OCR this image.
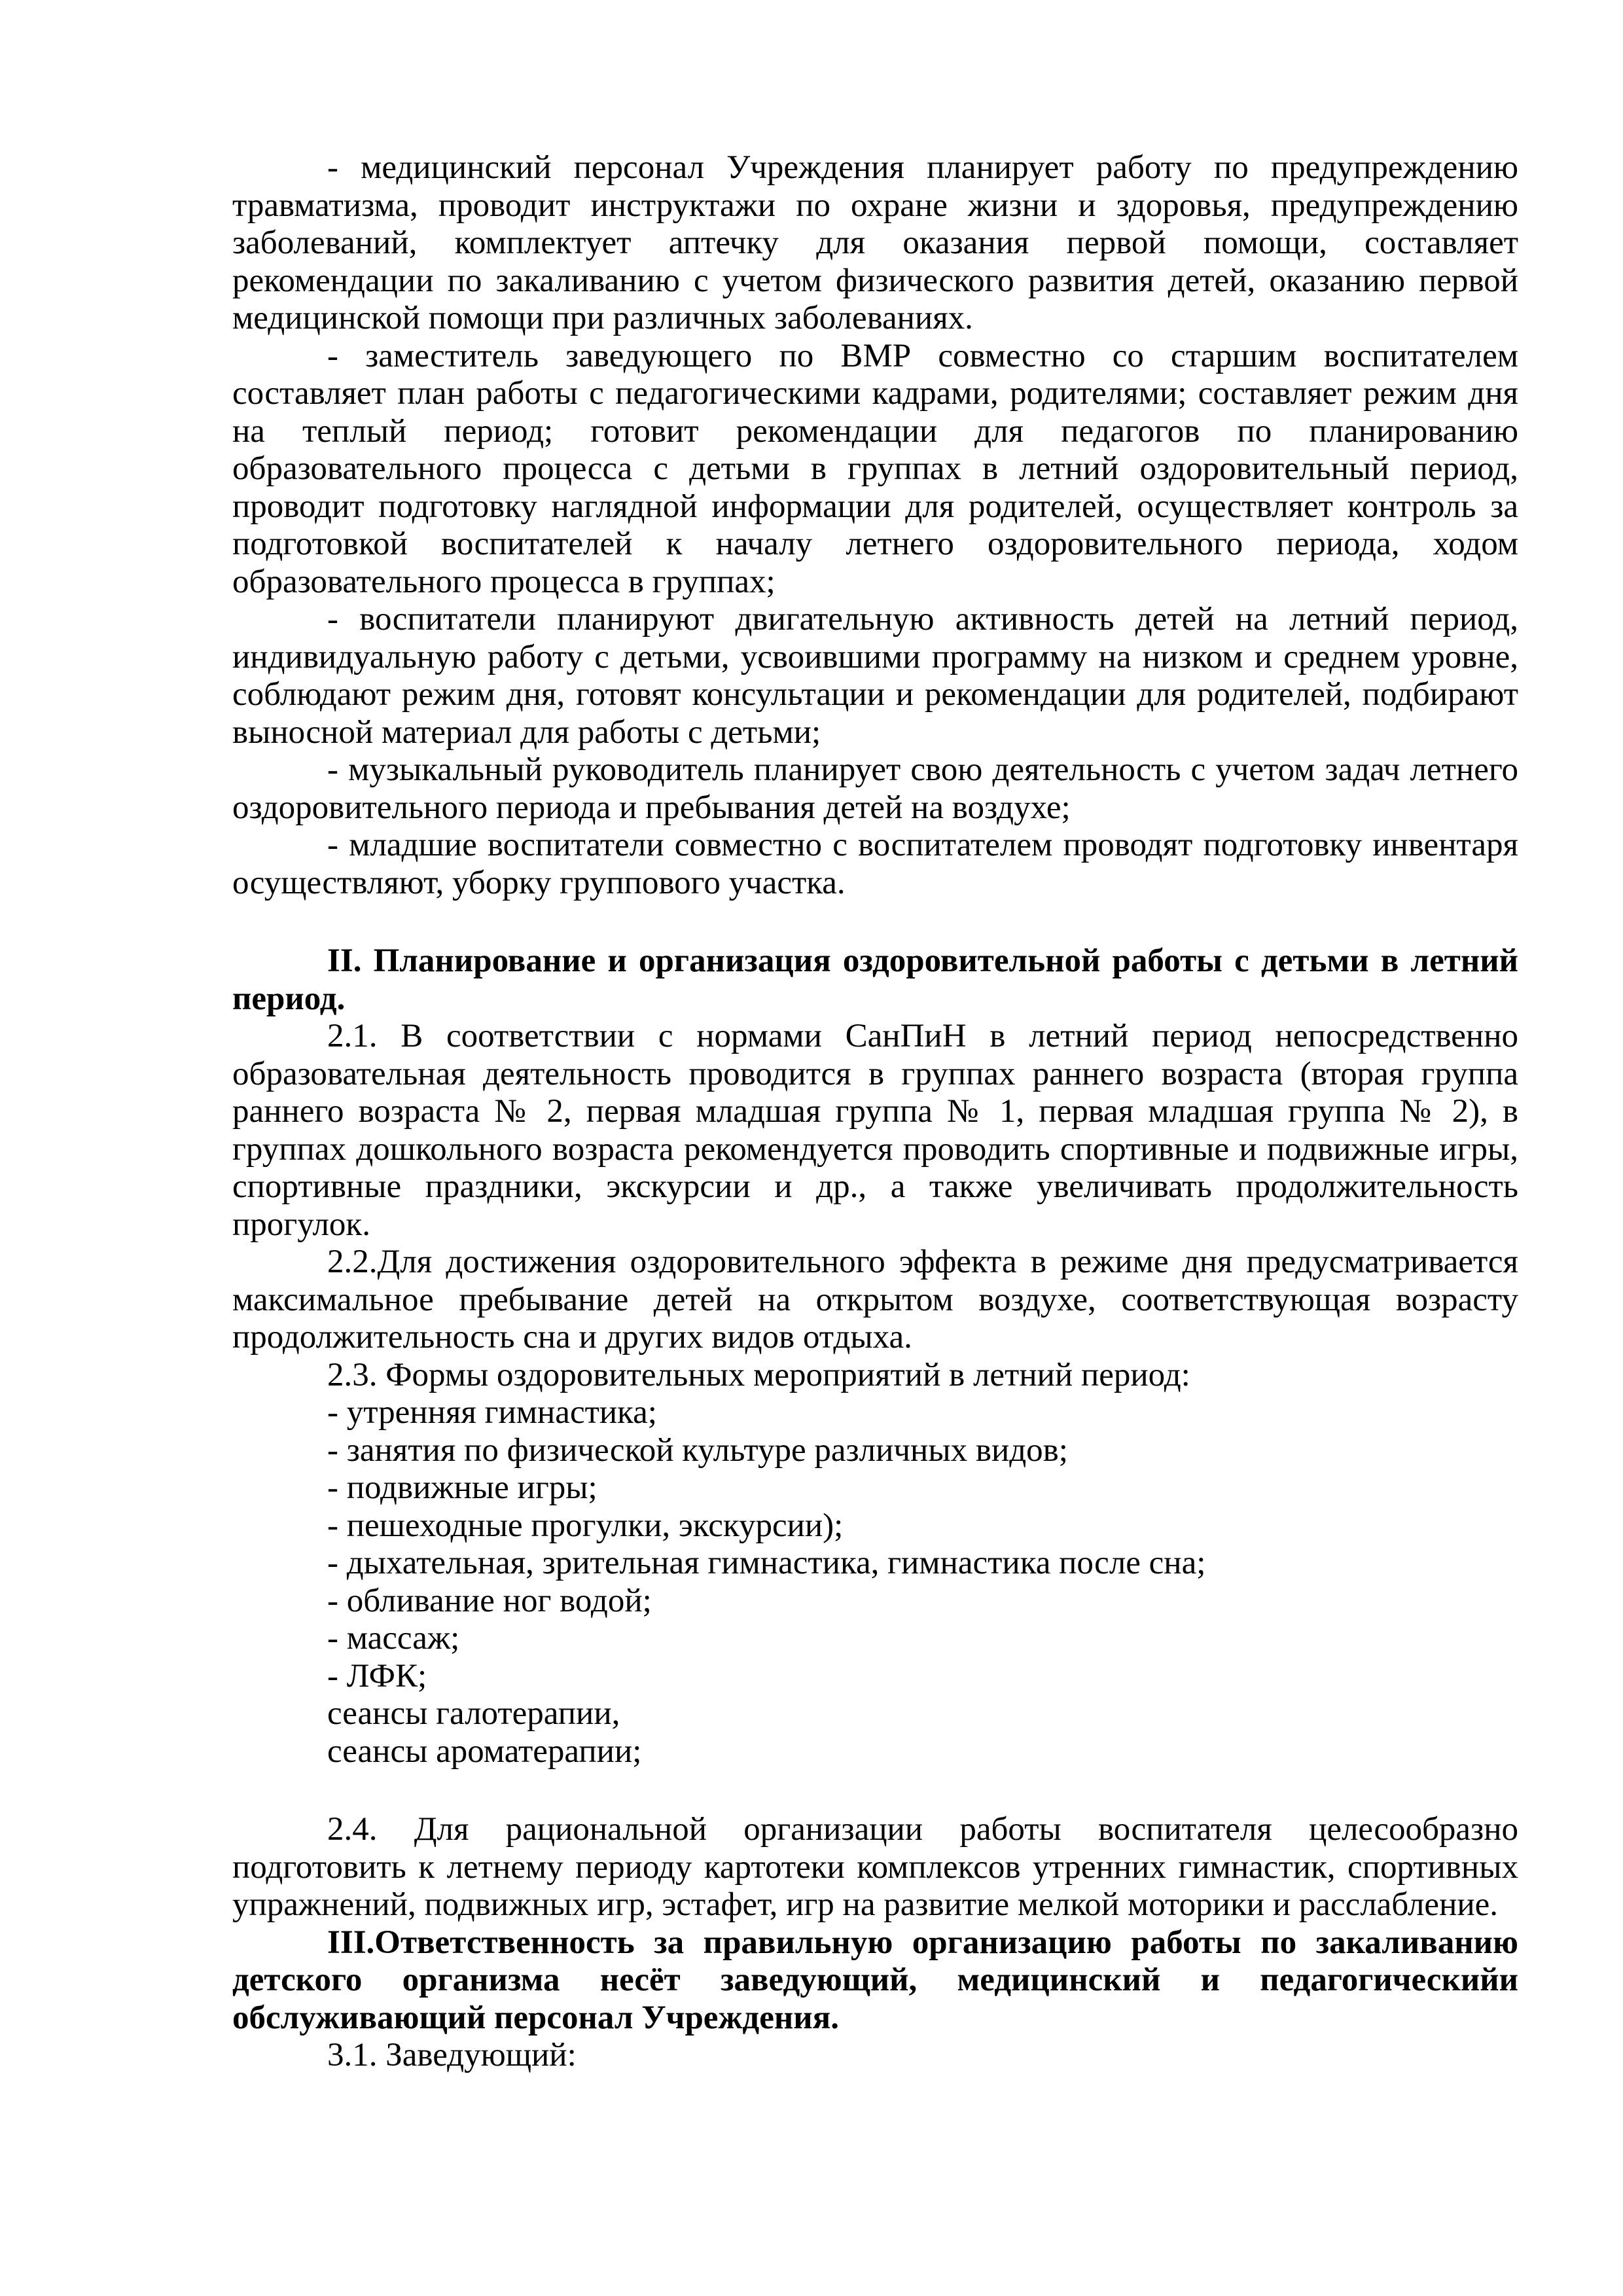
- медицинский персонал Учреждения планирует работу по предупреждению травматизма, проводит инструктажи по охране жизни и здоровья, предупреждению заболеваний, комплектует аптечку для оказания первой помощи, составляет рекомендации по закаливанию с учетом физического развития детей, оказанию первой медицинской помощи при различных заболеваниях.

- заместитель заведующего по ВМР совместно со старшим воспитателем составляет план работы с педагогическими кадрами, родителями; составляет режим дня на теплый период; готовит рекомендации для педагогов по планированию образовательного процесса с детьми в группах в летний оздоровительный период, проводит подготовку наглядной информации для родителей, осуществляет контроль за подготовкой воспитателей к началу летнего оздоровительного периода, ходом образовательного процесса в группах;

- воспитатели планируют двигательную активность детей на летний период, индивидуальную работу с детьми, усвоившими программу на низком и среднем уровне, соблюдают режим дня, готовят консультации и рекомендации для родителей, подбирают выносной материал для работы с детьми;

- музыкальный руководитель планирует свою деятельность с учетом задач летнего оздоровительного периода и пребывания детей на воздухе;

- младшие воспитатели совместно с воспитателем проводят подготовку инвентаря осуществляют, уборку группового участка.

II. Планирование и организация оздоровительной работы с детьми в летний период.

2.1. В соответствии с нормами СанПиН в летний период непосредственно образовательная деятельность проводится в группах раннего возраста (вторая группа раннего возраста № 2, первая младшая группа № 1, первая младшая группа № 2), в группах дошкольного возраста рекомендуется проводить спортивные и подвижные игры, спортивные праздники, экскурсии и др., а также увеличивать продолжительность прогулок.

2.2.Для достижения оздоровительного эффекта в режиме дня предусматривается максимальное пребывание детей на открытом воздухе, соответствующая возрасту продолжительность сна и других видов отдыха.

2.3. Формы оздоровительных мероприятий в летний период:

- утренняя гимнастика;
- занятия по физической культуре различных видов;
- подвижные игры;
- пешеходные прогулки, экскурсии);
- дыхательная, зрительная гимнастика, гимнастика после сна;
- обливание ног водой;
- массаж;
- ЛФК;
сеансы галотерапии,
сеансы ароматерапии;

2.4. Для рациональной организации работы воспитателя целесообразно подготовить к летнему периоду картотеки комплексов утренних гимнастик, спортивных упражнений, подвижных игр, эстафет, игр на развитие мелкой моторики и расслабление.

III.Ответственность за правильную организацию работы по закаливанию детского организма несёт заведующий, медицинский и педагогическийи обслуживающий персонал Учреждения.

3.1. Заведующий:
